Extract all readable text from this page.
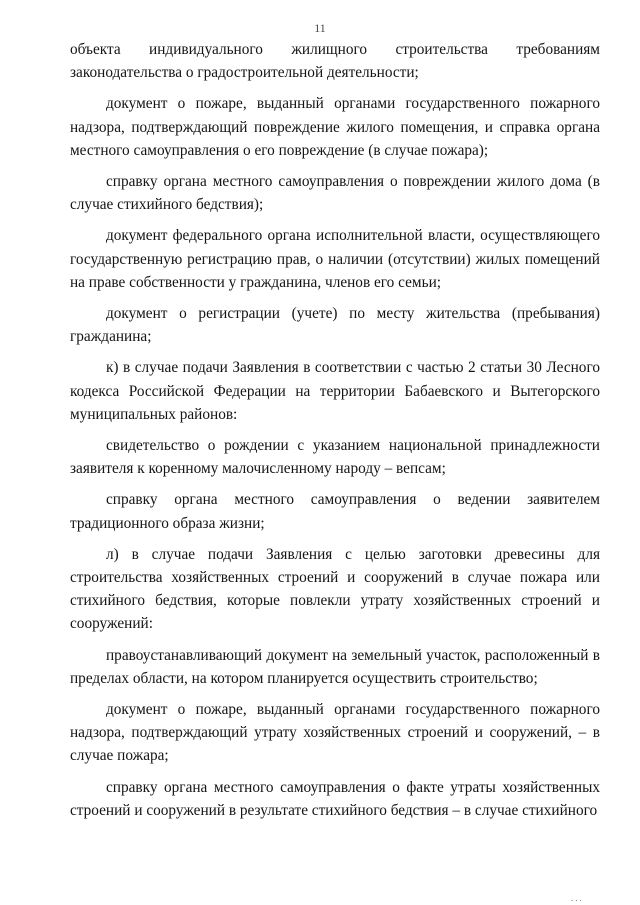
11

объекта индивидуального жилищного строительства требованиям законодательства о градостроительной деятельности;

документ о пожаре, выданный органами государственного пожарного надзора, подтверждающий повреждение жилого помещения, и справка органа местного самоуправления о его повреждение (в случае пожара);

справку органа местного самоуправления о повреждении жилого дома (в случае стихийного бедствия);

документ федерального органа исполнительной власти, осуществляющего государственную регистрацию прав, о наличии (отсутствии) жилых помещений на праве собственности у гражданина, членов его семьи;

документ о регистрации (учете) по месту жительства (пребывания) гражданина;

к) в случае подачи Заявления в соответствии с частью 2 статьи 30 Лесного кодекса Российской Федерации на территории Бабаевского и Вытегорского муниципальных районов:

свидетельство о рождении с указанием национальной принадлежности заявителя к коренному малочисленному народу – вепсам;

справку органа местного самоуправления о ведении заявителем традиционного образа жизни;

л) в случае подачи Заявления с целью заготовки древесины для строительства хозяйственных строений и сооружений в случае пожара или стихийного бедствия, которые повлекли утрату хозяйственных строений и сооружений:

правоустанавливающий документ на земельный участок, расположенный в пределах области, на котором планируется осуществить строительство;

документ о пожаре, выданный органами государственного пожарного надзора, подтверждающий утрату хозяйственных строений и сооружений, – в случае пожара;

справку органа местного самоуправления о факте утраты хозяйственных строений и сооружений в результате стихийного бедствия – в случае стихийного

...
